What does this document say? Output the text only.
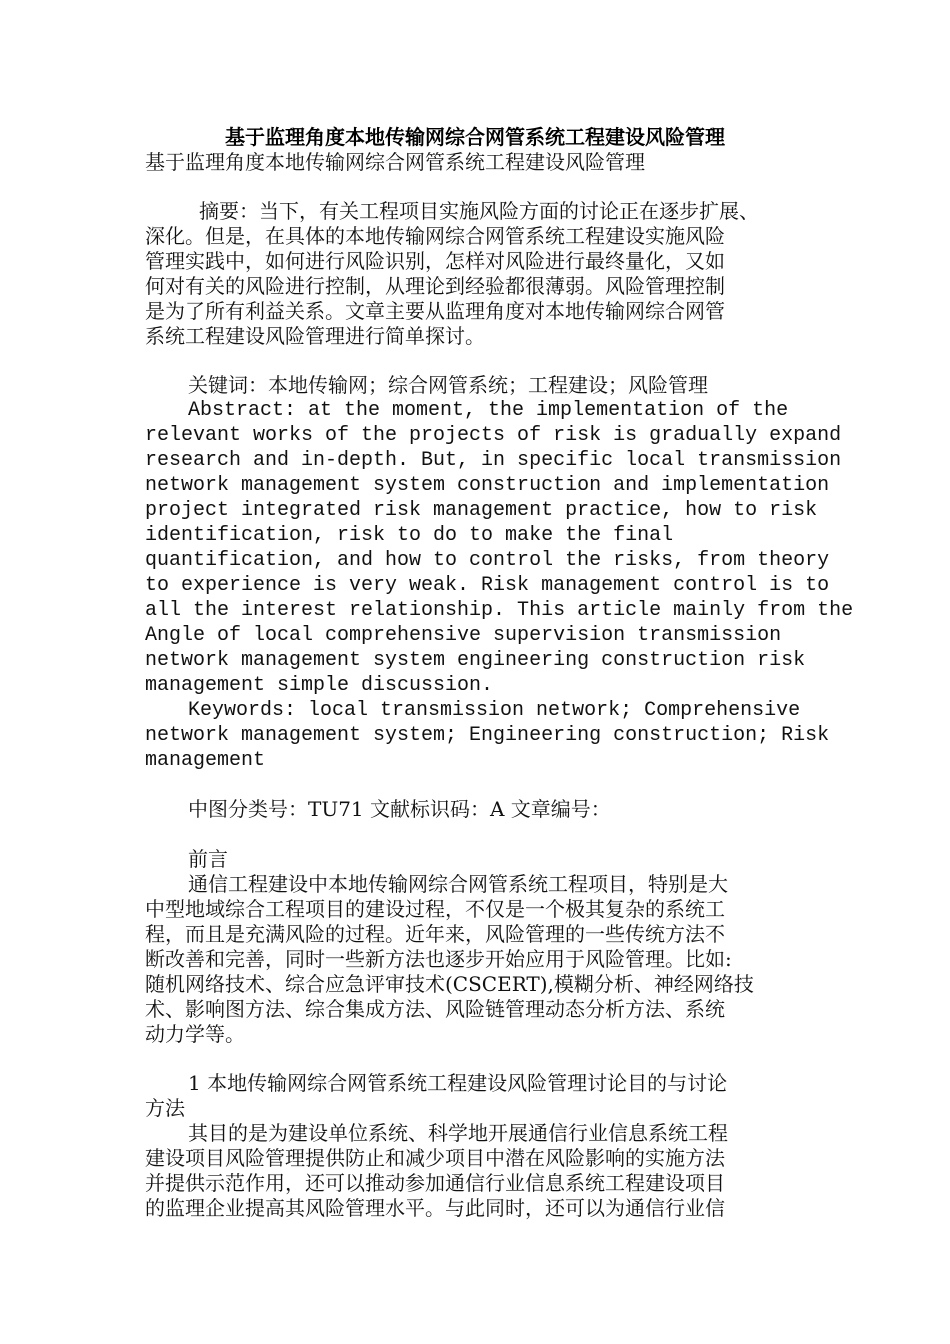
基于监理角度本地传输网综合网管系统工程建设风险管理
基于监理角度本地传输网综合网管系统工程建设风险管理
摘要：当下，有关工程项目实施风险方面的讨论正在逐步扩展、
深化。但是，在具体的本地传输网综合网管系统工程建设实施风险
管理实践中，如何进行风险识别，怎样对风险进行最终量化，又如
何对有关的风险进行控制，从理论到经验都很薄弱。风险管理控制
是为了所有利益关系。文章主要从监理角度对本地传输网综合网管
系统工程建设风险管理进行简单探讨。
关键词：本地传输网；综合网管系统；工程建设；风险管理
Abstract: at the moment, the implementation of the
relevant works of the projects of risk is gradually expand
research and in-depth. But, in specific local transmission
network management system construction and implementation
project integrated risk management practice, how to risk
identification, risk to do to make the final
quantification, and how to control the risks, from theory
to experience is very weak. Risk management control is to
all the interest relationship. This article mainly from the
Angle of local comprehensive supervision transmission
network management system engineering construction risk
management simple discussion.
Keywords: local transmission network; Comprehensive
network management system; Engineering construction; Risk
management
中图分类号：TU71 文献标识码：A 文章编号：
前言
通信工程建设中本地传输网综合网管系统工程项目，特别是大
中型地域综合工程项目的建设过程，不仅是一个极其复杂的系统工
程，而且是充满风险的过程。近年来，风险管理的一些传统方法不
断改善和完善，同时一些新方法也逐步开始应用于风险管理。比如:
随机网络技术、综合应急评审技术(CSCERT),模糊分析、神经网络技
术、影响图方法、综合集成方法、风险链管理动态分析方法、系统
动力学等。
1 本地传输网综合网管系统工程建设风险管理讨论目的与讨论
方法
其目的是为建设单位系统、科学地开展通信行业信息系统工程
建设项目风险管理提供防止和减少项目中潜在风险影响的实施方法
并提供示范作用，还可以推动参加通信行业信息系统工程建设项目
的监理企业提高其风险管理水平。与此同时，还可以为通信行业信
